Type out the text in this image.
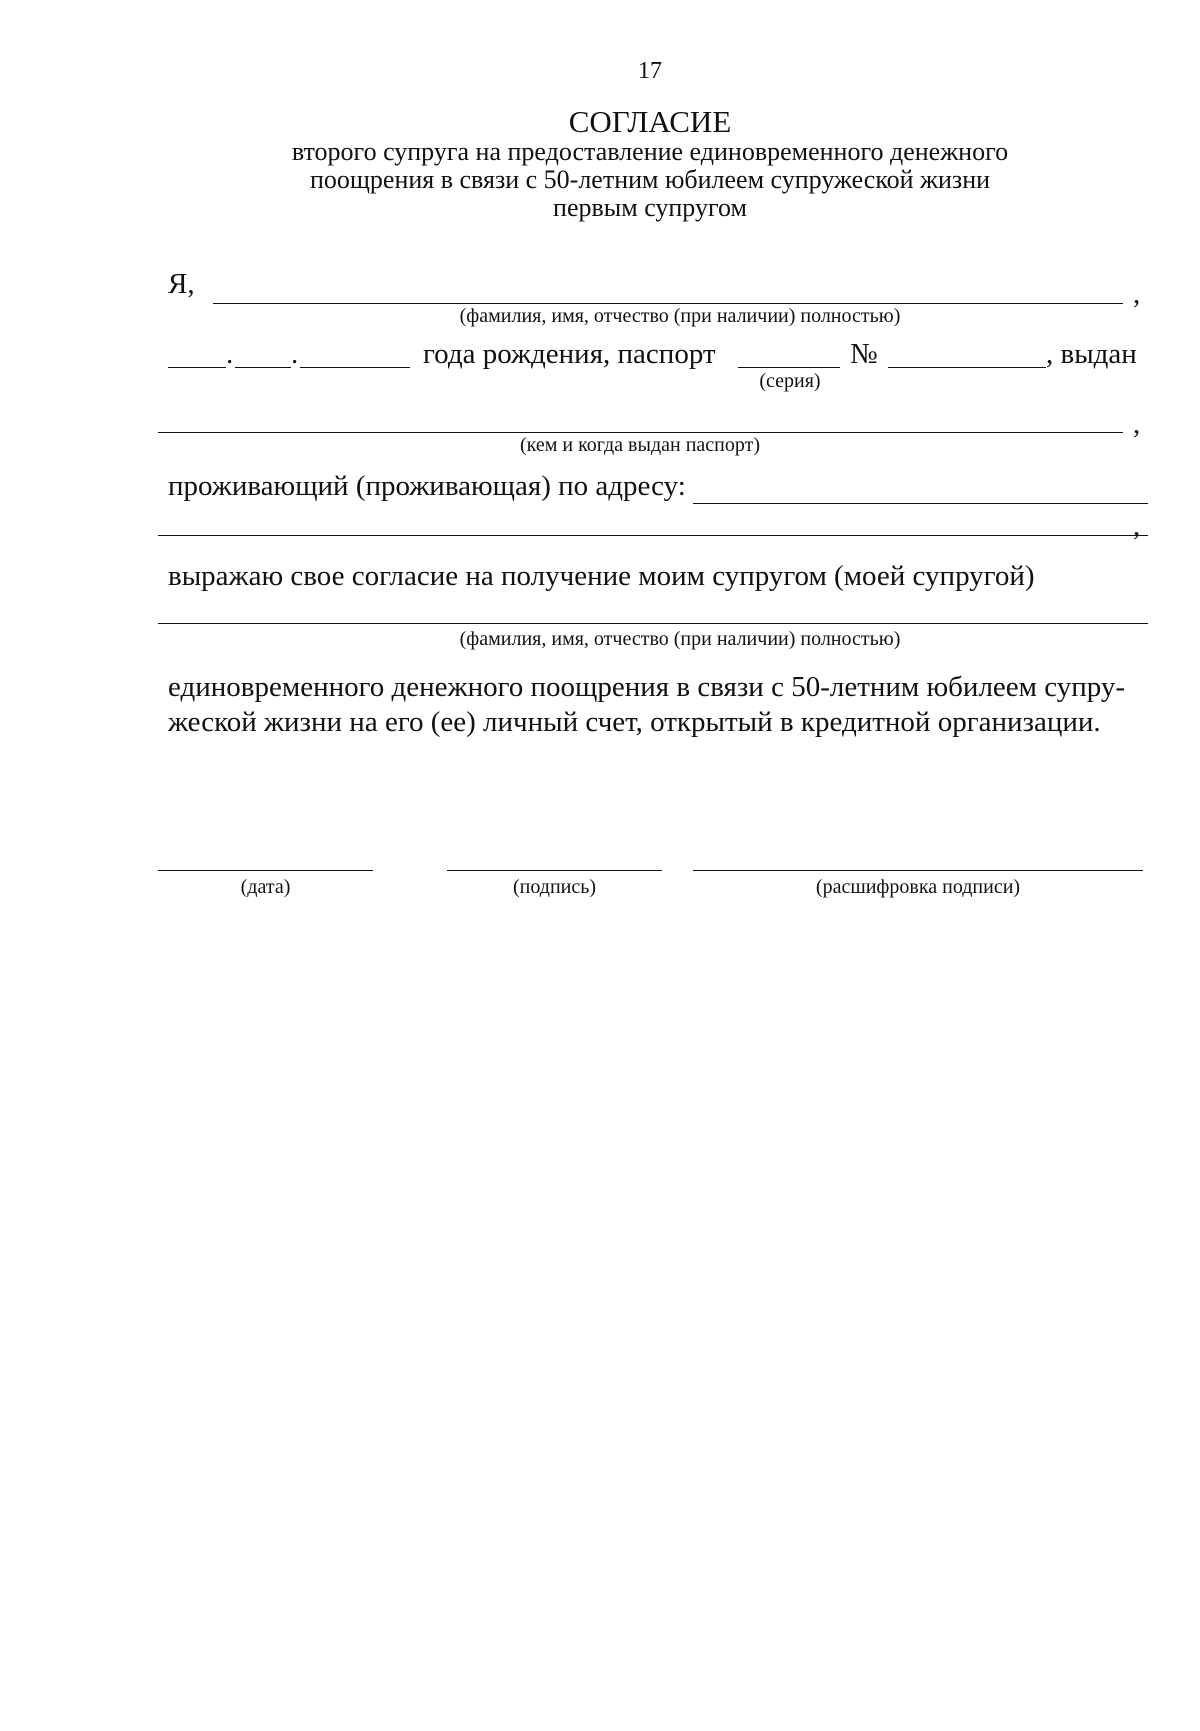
17
СОГЛАСИЕ
второго супруга на предоставление единовременного денежного
поощрения в связи с 50-летним юбилеем супружеской жизни
первым супругом
Я,	,
(фамилия, имя, отчество (при наличии) полностью)
. .	года рождения, паспорт	№	, выдан
(серия)
,
(кем и когда выдан паспорт)
проживающий (проживающая) по адресу:
,
выражаю свое согласие на получение моим супругом (моей супругой)
(фамилия, имя, отчество (при наличии) полностью)
единовременного денежного поощрения в связи с 50-летним юбилеем супру-
жеской жизни на его (ее) личный счет, открытый в кредитной организации.
(дата)	(подпись)	(расшифровка подписи)
